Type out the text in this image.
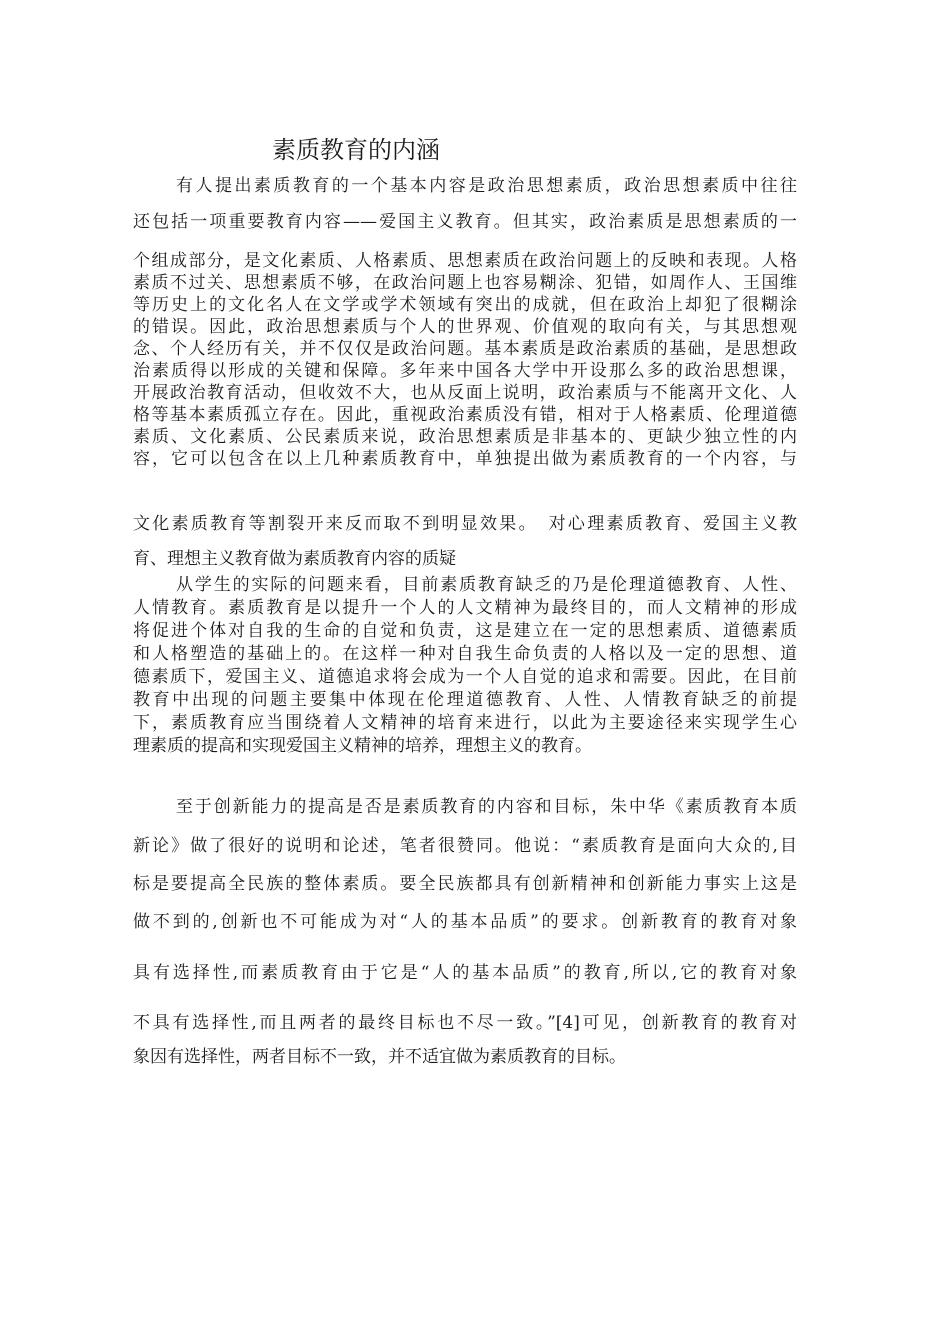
素质教育的内涵
有人提出素质教育的一个基本内容是政治思想素质，政治思想素质中往往
还包括一项重要教育内容——爱国主义教育。但其实，政治素质是思想素质的一
个组成部分，是文化素质、人格素质、思想素质在政治问题上的反映和表现。人格
素质不过关、思想素质不够，在政治问题上也容易糊涂、犯错，如周作人、王国维
等历史上的文化名人在文学或学术领域有突出的成就，但在政治上却犯了很糊涂
的错误。因此，政治思想素质与个人的世界观、价值观的取向有关，与其思想观
念、个人经历有关，并不仅仅是政治问题。基本素质是政治素质的基础，是思想政
治素质得以形成的关键和保障。多年来中国各大学中开设那么多的政治思想课，
开展政治教育活动，但收效不大，也从反面上说明，政治素质与不能离开文化、人
格等基本素质孤立存在。因此，重视政治素质没有错，相对于人格素质、伦理道德
素质、文化素质、公民素质来说，政治思想素质是非基本的、更缺少独立性的内
容，它可以包含在以上几种素质教育中，单独提出做为素质教育的一个内容，与
文化素质教育等割裂开来反而取不到明显效果。　对心理素质教育、爱国主义教
育、理想主义教育做为素质教育内容的质疑
从学生的实际的问题来看，目前素质教育缺乏的乃是伦理道德教育、人性、
人情教育。素质教育是以提升一个人的人文精神为最终目的，而人文精神的形成
将促进个体对自我的生命的自觉和负责，这是建立在一定的思想素质、道德素质
和人格塑造的基础上的。在这样一种对自我生命负责的人格以及一定的思想、道
德素质下，爱国主义、道德追求将会成为一个人自觉的追求和需要。因此，在目前
教育中出现的问题主要集中体现在伦理道德教育、人性、人情教育缺乏的前提
下，素质教育应当围绕着人文精神的培育来进行，以此为主要途径来实现学生心
理素质的提高和实现爱国主义精神的培养，理想主义的教育。
至于创新能力的提高是否是素质教育的内容和目标，朱中华《素质教育本质
新论》做了很好的说明和论述，笔者很赞同。他说：“素质教育是面向大众的,目
标是要提高全民族的整体素质。要全民族都具有创新精神和创新能力事实上这是
做不到的,创新也不可能成为对“人的基本品质”的要求。创新教育的教育对象
具有选择性,而素质教育由于它是“人的基本品质”的教育,所以,它的教育对象
不具有选择性,而且两者的最终目标也不尽一致。”[4]可见，创新教育的教育对
象因有选择性，两者目标不一致，并不适宜做为素质教育的目标。
